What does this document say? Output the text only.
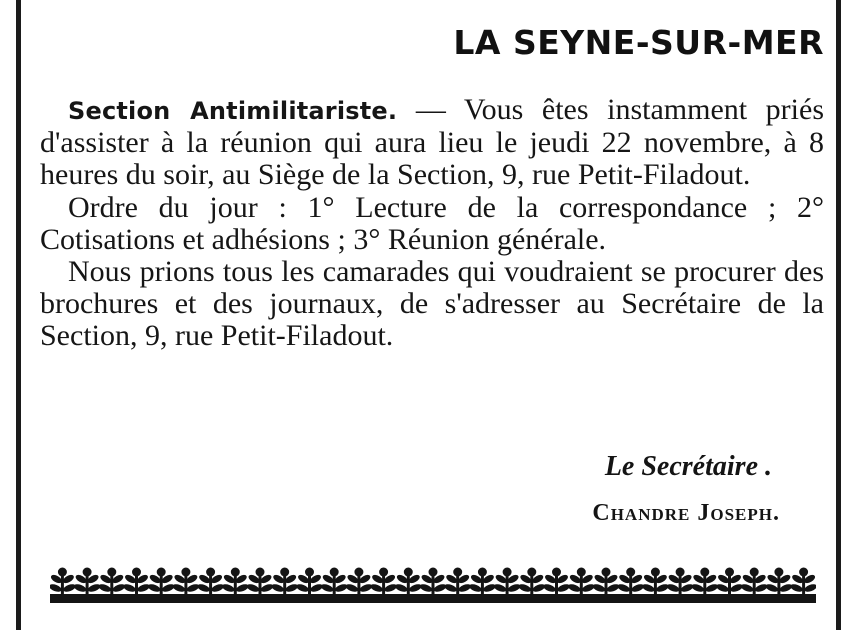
LA SEYNE-SUR-MER

Section Antimilitariste. — Vous êtes instamment priés d'assister à la réunion qui aura lieu le jeudi 22 novembre, à 8 heures du soir, au Siège de la Section, 9, rue Petit-Filadout.

Ordre du jour : 1° Lecture de la correspondance ; 2° Cotisations et adhésions ; 3° Réunion générale.

Nous prions tous les camarades qui voudraient se procurer des brochures et des journaux, de s'adresser au Secrétaire de la Section, 9, rue Petit-Filadout.

Le Secrétaire .
Chandre Joseph.
